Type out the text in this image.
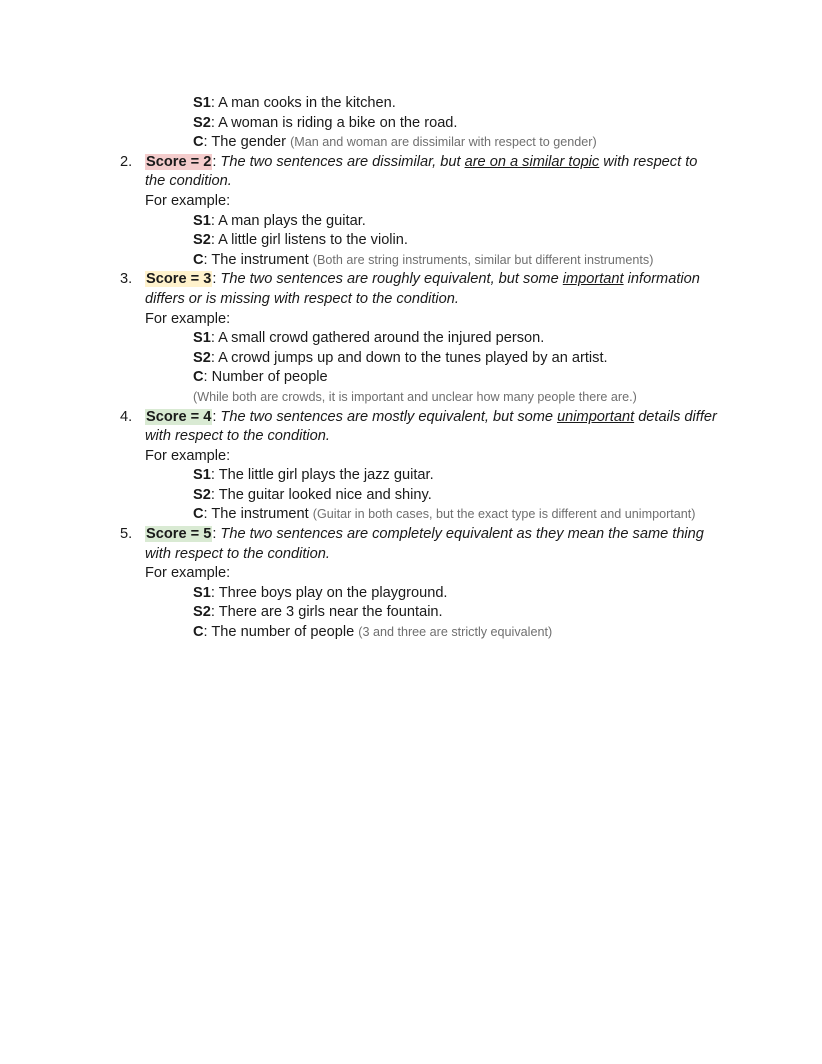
S1: A man cooks in the kitchen.
S2: A woman is riding a bike on the road.
C: The gender (Man and woman are dissimilar with respect to gender)
2. Score = 2: The two sentences are dissimilar, but are on a similar topic with respect to
the condition.
For example:
S1: A man plays the guitar.
S2: A little girl listens to the violin.
C: The instrument (Both are string instruments, similar but different instruments)
3. Score = 3: The two sentences are roughly equivalent, but some important information
differs or is missing with respect to the condition.
For example:
S1: A small crowd gathered around the injured person.
S2: A crowd jumps up and down to the tunes played by an artist.
C: Number of people
(While both are crowds, it is important and unclear how many people there are.)
4. Score = 4: The two sentences are mostly equivalent, but some unimportant details differ
with respect to the condition.
For example:
S1: The little girl plays the jazz guitar.
S2: The guitar looked nice and shiny.
C: The instrument (Guitar in both cases, but the exact type is different and unimportant)
5. Score = 5: The two sentences are completely equivalent as they mean the same thing
with respect to the condition.
For example:
S1: Three boys play on the playground.
S2: There are 3 girls near the fountain.
C: The number of people (3 and three are strictly equivalent)
